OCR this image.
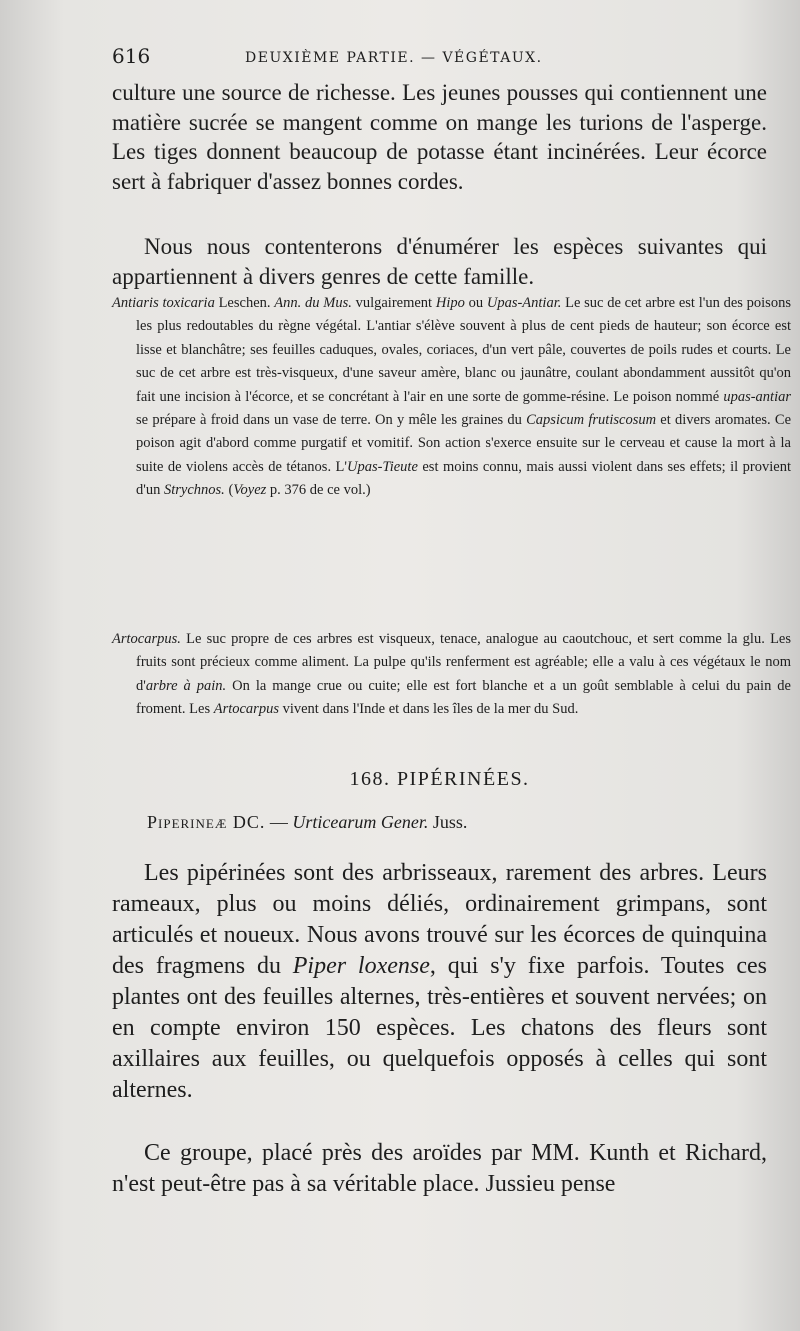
616	DEUXIÈME PARTIE. — VÉGÉTAUX.

culture une source de richesse. Les jeunes pousses qui contiennent une matière sucrée se mangent comme on mange les turions de l'asperge. Les tiges donnent beaucoup de potasse étant incinérées. Leur écorce sert à fabriquer d'assez bonnes cordes.

Nous nous contenterons d'énumérer les espèces suivantes qui appartiennent à divers genres de cette famille.

Antiaris toxicaria Leschen. Ann. du Mus. vulgairement Hipo ou Upas-Antiar. Le suc de cet arbre est l'un des poisons les plus redoutables du règne végétal. L'antiar s'élève souvent à plus de cent pieds de hauteur; son écorce est lisse et blanchâtre; ses feuilles caduques, ovales, coriaces, d'un vert pâle, couvertes de poils rudes et courts. Le suc de cet arbre est très-visqueux, d'une saveur amère, blanc ou jaunâtre, coulant abondamment aussitôt qu'on fait une incision à l'écorce, et se concrétant à l'air en une sorte de gomme-résine. Le poison nommé upas-antiar se prépare à froid dans un vase de terre. On y mêle les graines du Capsicum frutiscosum et divers aromates. Ce poison agit d'abord comme purgatif et vomitif. Son action s'exerce ensuite sur le cerveau et cause la mort à la suite de violens accès de tétanos. L'Upas-Tieute est moins connu, mais aussi violent dans ses effets; il provient d'un Strychnos. (Voyez p. 376 de ce vol.)

Artocarpus. Le suc propre de ces arbres est visqueux, tenace, analogue au caoutchouc, et sert comme la glu. Les fruits sont précieux comme aliment. La pulpe qu'ils renferment est agréable; elle a valu à ces végétaux le nom d'arbre à pain. On la mange crue ou cuite; elle est fort blanche et a un goût semblable à celui du pain de froment. Les Artocarpus vivent dans l'Inde et dans les îles de la mer du Sud.

168. PIPÉRINÉES.
Piperineæ DC. — Urticearum Gener. Juss.

Les pipérinées sont des arbrisseaux, rarement des arbres. Leurs rameaux, plus ou moins déliés, ordinairement grimpans, sont articulés et noueux. Nous avons trouvé sur les écorces de quinquina des fragmens du Piper loxense, qui s'y fixe parfois. Toutes ces plantes ont des feuilles alternes, très-entières et souvent nervées; on en compte environ 150 espèces. Les chatons des fleurs sont axillaires aux feuilles, ou quelquefois opposés à celles qui sont alternes.

Ce groupe, placé près des aroïdes par MM. Kunth et Richard, n'est peut-être pas à sa véritable place. Jussieu pense
